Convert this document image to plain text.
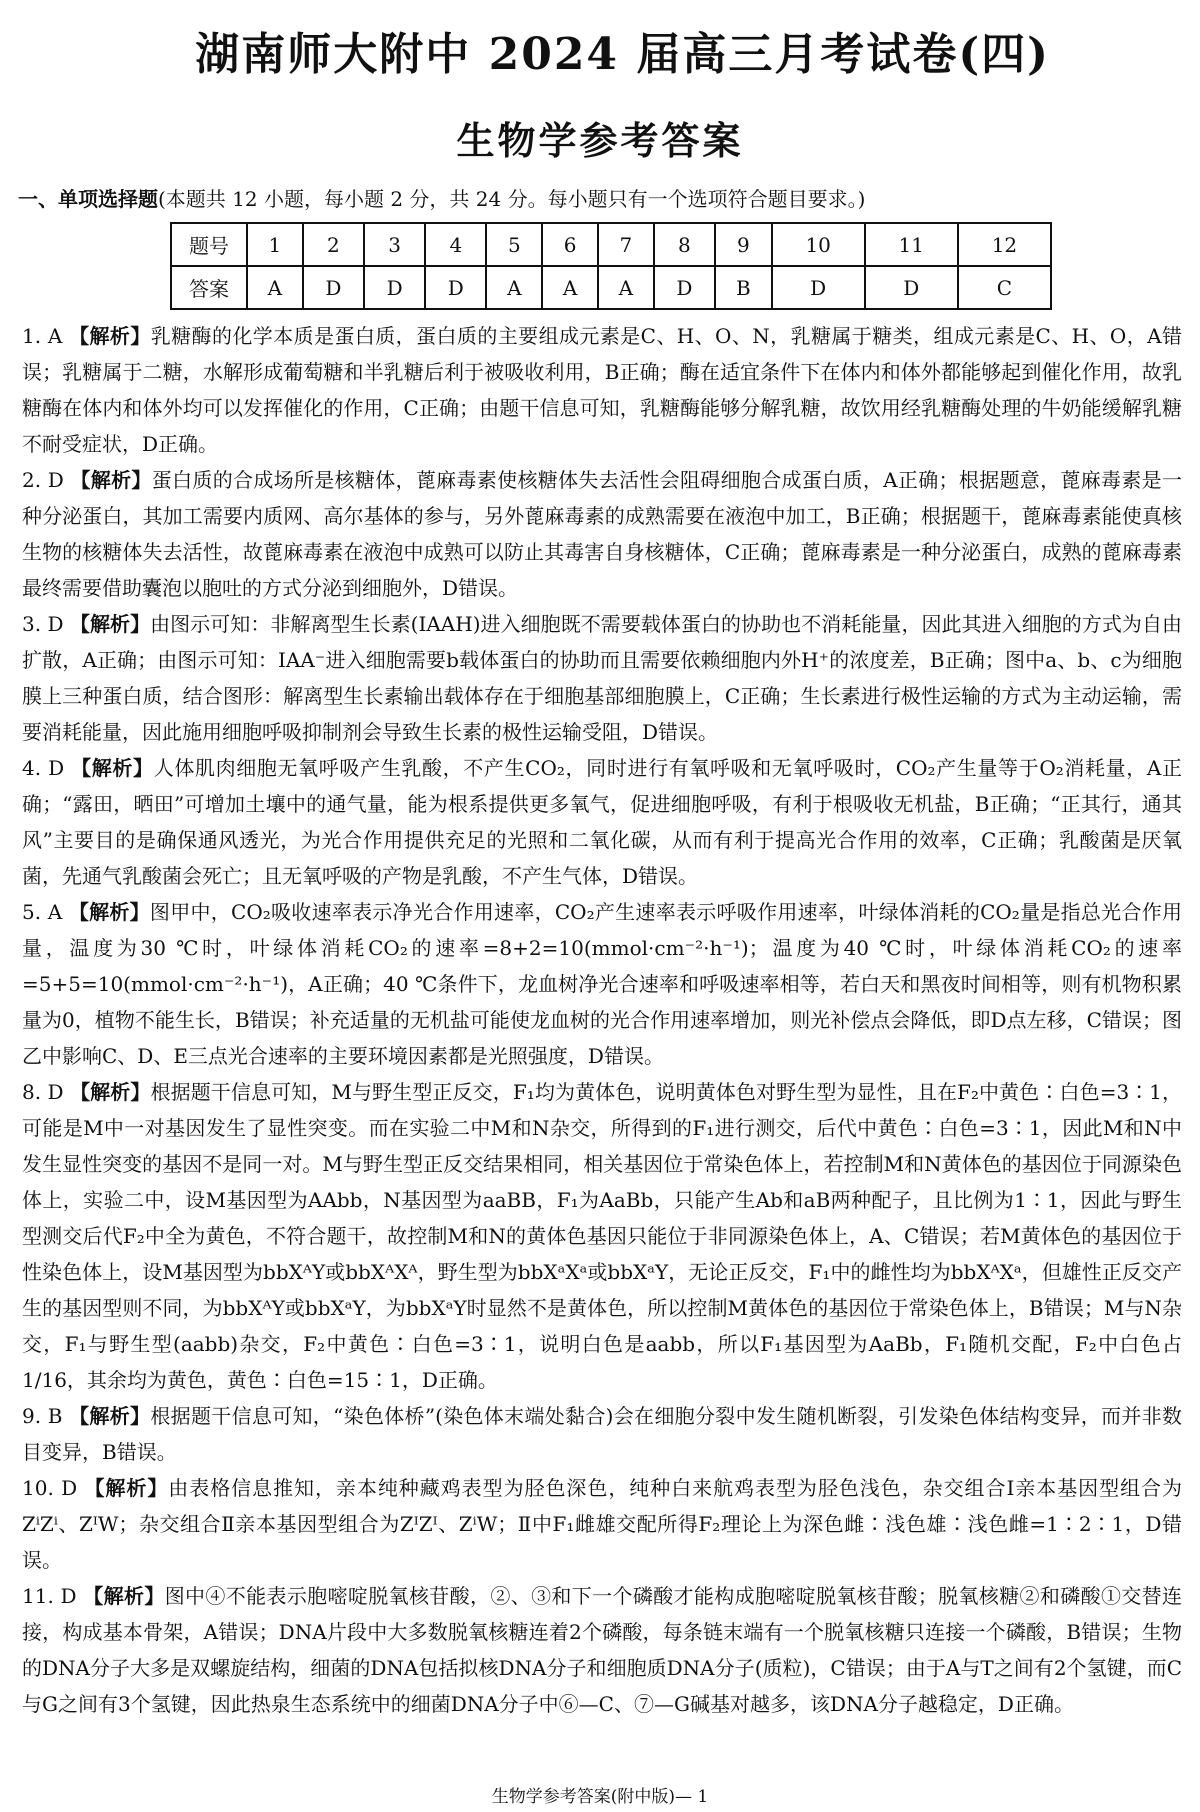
湖南师大附中 2024 届高三月考试卷(四)
生物学参考答案
一、单项选择题(本题共 12 小题，每小题 2 分，共 24 分。每小题只有一个选项符合题目要求。)
题号	1	2	3	4	5	6	7	8	9	10	11	12
答案	A	D	D	D	A	A	A	D	B	D	D	C

1. A 【解析】乳糖酶的化学本质是蛋白质，蛋白质的主要组成元素是C、H、O、N，乳糖属于糖类，组成元素是C、H、O，A错误；乳糖属于二糖，水解形成葡萄糖和半乳糖后利于被吸收利用，B正确；酶在适宜条件下在体内和体外都能够起到催化作用，故乳糖酶在体内和体外均可以发挥催化的作用，C正确；由题干信息可知，乳糖酶能够分解乳糖，故饮用经乳糖酶处理的牛奶能缓解乳糖不耐受症状，D正确。

2. D 【解析】蛋白质的合成场所是核糖体，蓖麻毒素使核糖体失去活性会阻碍细胞合成蛋白质，A正确；根据题意，蓖麻毒素是一种分泌蛋白，其加工需要内质网、高尔基体的参与，另外蓖麻毒素的成熟需要在液泡中加工，B正确；根据题干，蓖麻毒素能使真核生物的核糖体失去活性，故蓖麻毒素在液泡中成熟可以防止其毒害自身核糖体，C正确；蓖麻毒素是一种分泌蛋白，成熟的蓖麻毒素最终需要借助囊泡以胞吐的方式分泌到细胞外，D错误。

3. D 【解析】由图示可知：非解离型生长素(IAAH)进入细胞既不需要载体蛋白的协助也不消耗能量，因此其进入细胞的方式为自由扩散，A正确；由图示可知：IAA⁻进入细胞需要b载体蛋白的协助而且需要依赖细胞内外H⁺的浓度差，B正确；图中a、b、c为细胞膜上三种蛋白质，结合图形：解离型生长素输出载体存在于细胞基部细胞膜上，C正确；生长素进行极性运输的方式为主动运输，需要消耗能量，因此施用细胞呼吸抑制剂会导致生长素的极性运输受阻，D错误。

4. D 【解析】人体肌肉细胞无氧呼吸产生乳酸，不产生CO₂，同时进行有氧呼吸和无氧呼吸时，CO₂产生量等于O₂消耗量，A正确；“露田，晒田”可增加土壤中的通气量，能为根系提供更多氧气，促进细胞呼吸，有利于根吸收无机盐，B正确；“正其行，通其风”主要目的是确保通风透光，为光合作用提供充足的光照和二氧化碳，从而有利于提高光合作用的效率，C正确；乳酸菌是厌氧菌，先通气乳酸菌会死亡；且无氧呼吸的产物是乳酸，不产生气体，D错误。

5. A 【解析】图甲中，CO₂吸收速率表示净光合作用速率，CO₂产生速率表示呼吸作用速率，叶绿体消耗的CO₂量是指总光合作用量，温度为30 ℃时，叶绿体消耗CO₂的速率=8+2=10(mmol·cm⁻²·h⁻¹)；温度为40 ℃时，叶绿体消耗CO₂的速率=5+5=10(mmol·cm⁻²·h⁻¹)，A正确；40 ℃条件下，龙血树净光合速率和呼吸速率相等，若白天和黑夜时间相等，则有机物积累量为0，植物不能生长，B错误；补充适量的无机盐可能使龙血树的光合作用速率增加，则光补偿点会降低，即D点左移，C错误；图乙中影响C、D、E三点光合速率的主要环境因素都是光照强度，D错误。

8. D 【解析】根据题干信息可知，M与野生型正反交，F₁均为黄体色，说明黄体色对野生型为显性，且在F₂中黄色∶白色=3∶1，可能是M中一对基因发生了显性突变。而在实验二中M和N杂交，所得到的F₁进行测交，后代中黄色∶白色=3∶1，因此M和N中发生显性突变的基因不是同一对。M与野生型正反交结果相同，相关基因位于常染色体上，若控制M和N黄体色的基因位于同源染色体上，实验二中，设M基因型为AAbb，N基因型为aaBB，F₁为AaBb，只能产生Ab和aB两种配子，且比例为1∶1，因此与野生型测交后代F₂中全为黄色，不符合题干，故控制M和N的黄体色基因只能位于非同源染色体上，A、C错误；若M黄体色的基因位于性染色体上，设M基因型为bbXᴬY或bbXᴬXᴬ，野生型为bbXᵃXᵃ或bbXᵃY，无论正反交，F₁中的雌性均为bbXᴬXᵃ，但雄性正反交产生的基因型则不同，为bbXᴬY或bbXᵃY，为bbXᵃY时显然不是黄体色，所以控制M黄体色的基因位于常染色体上，B错误；M与N杂交，F₁与野生型(aabb)杂交，F₂中黄色∶白色=3∶1，说明白色是aabb，所以F₁基因型为AaBb，F₁随机交配，F₂中白色占1/16，其余均为黄色，黄色∶白色=15∶1，D正确。

9. B 【解析】根据题干信息可知，“染色体桥”(染色体末端处黏合)会在细胞分裂中发生随机断裂，引发染色体结构变异，而并非数目变异，B错误。

10. D 【解析】由表格信息推知，亲本纯种藏鸡表型为胫色深色，纯种白来航鸡表型为胫色浅色，杂交组合Ⅰ亲本基因型组合为ZⁱZⁱ、ZᴵW；杂交组合Ⅱ亲本基因型组合为ZᴵZᴵ、ZⁱW；Ⅱ中F₁雌雄交配所得F₂理论上为深色雌∶浅色雄∶浅色雌=1∶2∶1，D错误。

11. D 【解析】图中④不能表示胞嘧啶脱氧核苷酸，②、③和下一个磷酸才能构成胞嘧啶脱氧核苷酸；脱氧核糖②和磷酸①交替连接，构成基本骨架，A错误；DNA片段中大多数脱氧核糖连着2个磷酸，每条链末端有一个脱氧核糖只连接一个磷酸，B错误；生物的DNA分子大多是双螺旋结构，细菌的DNA包括拟核DNA分子和细胞质DNA分子(质粒)，C错误；由于A与T之间有2个氢键，而C与G之间有3个氢键，因此热泉生态系统中的细菌DNA分子中⑥—C、⑦—G碱基对越多，该DNA分子越稳定，D正确。

生物学参考答案(附中版)— 1
